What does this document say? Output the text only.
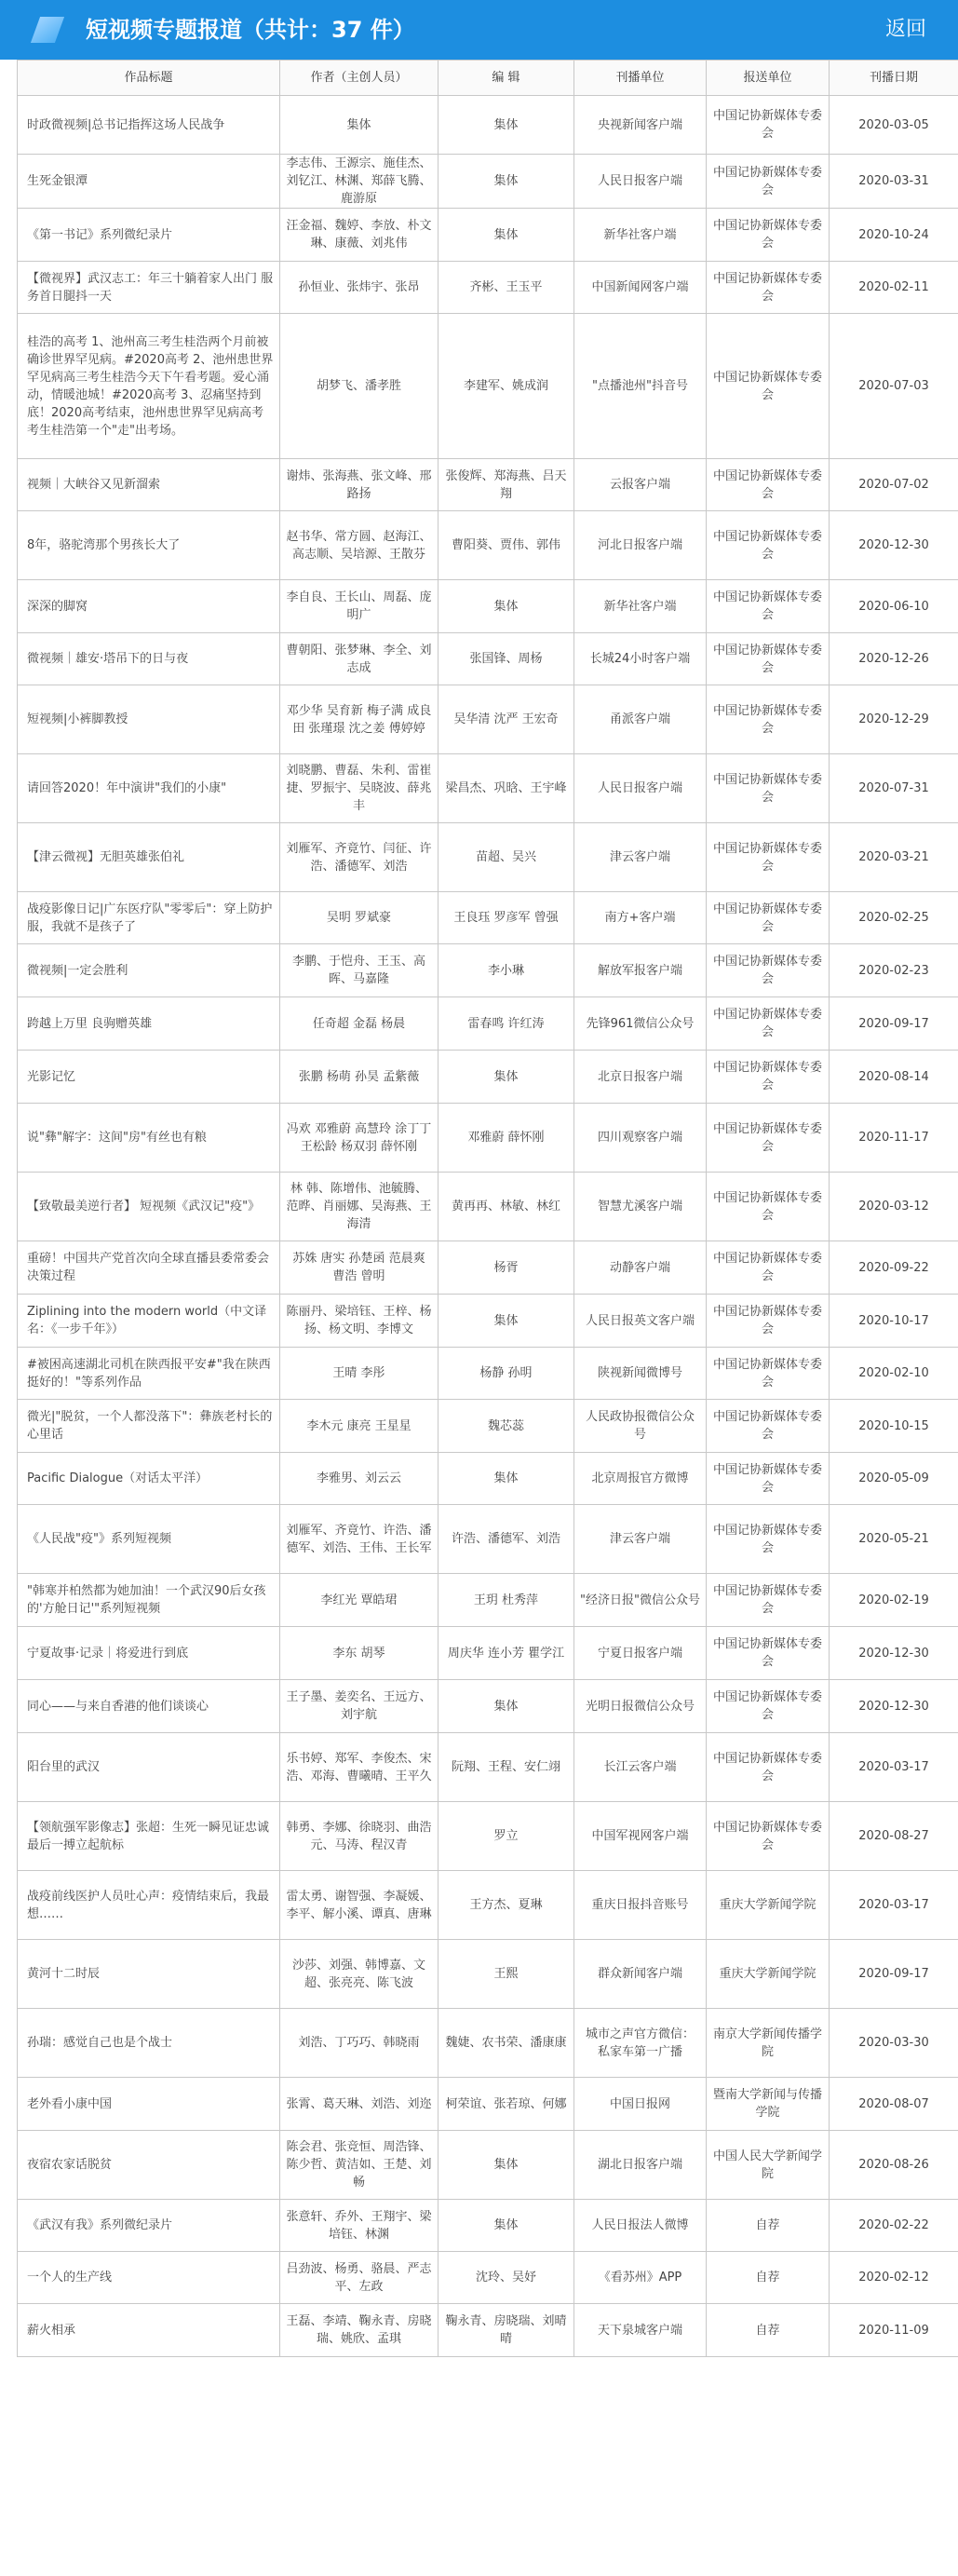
短视频专题报道（共计：37 件）	返回
作品标题	作者（主创人员）	编 辑	刊播单位	报送单位	刊播日期
时政微视频|总书记指挥这场人民战争	集体	集体	央视新闻客户端	中国记协新媒体专委会	2020-03-05
生死金银潭	李志伟、王源宗、施佳杰、刘钇江、林渊、郑薛飞腾、鹿游原	集体	人民日报客户端	中国记协新媒体专委会	2020-03-31
《第一书记》系列微纪录片	汪金福、魏婷、李放、朴文琳、康薇、刘兆伟	集体	新华社客户端	中国记协新媒体专委会	2020-10-24
【微视界】武汉志工：年三十躺着家人出门 服务首日腿抖一天	孙恒业、张炜宇、张昂	齐彬、王玉平	中国新闻网客户端	中国记协新媒体专委会	2020-02-11
桂浩的高考 1、池州高三考生桂浩两个月前被确诊世界罕见病。#2020高考 2、池州患世界罕见病高三考生桂浩今天下午看考题。爱心涌动，情暖池城！#2020高考 3、忍痛坚持到底！2020高考结束，池州患世界罕见病高考考生桂浩第一个"走"出考场。	胡梦飞、潘孝胜	李建军、姚成润	"点播池州"抖音号	中国记协新媒体专委会	2020-07-03
视频｜大峡谷又见新溜索	谢炜、张海燕、张文峰、邢路扬	张俊辉、郑海燕、吕天翔	云报客户端	中国记协新媒体专委会	2020-07-02
8年，骆驼湾那个男孩长大了	赵书华、常方圆、赵海江、高志顺、吴培源、王散芬	曹阳葵、贾伟、郭伟	河北日报客户端	中国记协新媒体专委会	2020-12-30
深深的脚窝	李自良、王长山、周磊、庞明广	集体	新华社客户端	中国记协新媒体专委会	2020-06-10
微视频｜雄安·塔吊下的日与夜	曹朝阳、张梦琳、李全、刘志成	张国锋、周杨	长城24小时客户端	中国记协新媒体专委会	2020-12-26
短视频|小裤脚教授	邓少华 吴育新 梅子满 成良田 张瑾璟 沈之姜 傅婷婷	吴华清 沈严 王宏奇	甬派客户端	中国记协新媒体专委会	2020-12-29
请回答2020！年中演讲"我们的小康"	刘晓鹏、曹磊、朱利、雷崔捷、罗振宇、吴晓波、薛兆丰	梁昌杰、巩晗、王宇峰	人民日报客户端	中国记协新媒体专委会	2020-07-31
【津云微视】无胆英雄张伯礼	刘雁军、齐竟竹、闫征、许浩、潘德军、刘浩	苗超、吴兴	津云客户端	中国记协新媒体专委会	2020-03-21
战疫影像日记|广东医疗队"零零后"：穿上防护服，我就不是孩子了	吴明 罗斌豪	王良珏 罗彦军 曾强	南方+客户端	中国记协新媒体专委会	2020-02-25
微视频|一定会胜利	李鹏、于恺舟、王玉、高晖、马嘉隆	李小琳	解放军报客户端	中国记协新媒体专委会	2020-02-23
跨越上万里 良驹赠英雄	任奇超 金磊 杨晨	雷春鸣 许红涛	先锋961微信公众号	中国记协新媒体专委会	2020-09-17
光影记忆	张鹏 杨萌 孙昊 孟紫薇	集体	北京日报客户端	中国记协新媒体专委会	2020-08-14
说"彝"解字：这间"房"有丝也有粮	冯欢 邓雅蔚 高慧玲 涂丁丁 王松龄 杨双羽 薛怀刚	邓雅蔚 薛怀刚	四川观察客户端	中国记协新媒体专委会	2020-11-17
【致敬最美逆行者】 短视频《武汉记"疫"》	林 韩、陈增伟、池毓腾、范晔、肖丽娜、吴海燕、王海清	黄再再、林敏、林红	智慧尤溪客户端	中国记协新媒体专委会	2020-03-12
重磅！中国共产党首次向全球直播县委常委会决策过程	苏姝 唐实 孙楚函 范晨爽 曹浩 曾明	杨胥	动静客户端	中国记协新媒体专委会	2020-09-22
Ziplining into the modern world（中文译名：《一步千年》）	陈丽丹、梁培钰、王梓、杨扬、杨文明、李博文	集体	人民日报英文客户端	中国记协新媒体专委会	2020-10-17
#被困高速湖北司机在陕西报平安#"我在陕西挺好的！"等系列作品	王晴 李彤	杨静 孙明	陕视新闻微博号	中国记协新媒体专委会	2020-02-10
微光|"脱贫，一个人都没落下"：彝族老村长的心里话	李木元 康亮 王星星	魏芯蕊	人民政协报微信公众号	中国记协新媒体专委会	2020-10-15
Pacific Dialogue（对话太平洋）	李雅男、刘云云	集体	北京周报官方微博	中国记协新媒体专委会	2020-05-09
《人民战"疫"》系列短视频	刘雁军、齐竟竹、许浩、潘德军、刘浩、王伟、王长军	许浩、潘德军、刘浩	津云客户端	中国记协新媒体专委会	2020-05-21
"韩寒并柏然都为她加油！一个武汉90后女孩的'方舱日记'"系列短视频	李红光 覃皓珺	王玥 杜秀萍	"经济日报"微信公众号	中国记协新媒体专委会	2020-02-19
宁夏故事·记录｜将爱进行到底	李东 胡琴	周庆华 连小芳 瞿学江	宁夏日报客户端	中国记协新媒体专委会	2020-12-30
同心——与来自香港的他们谈谈心	王子墨、姜奕名、王远方、刘宇航	集体	光明日报微信公众号	中国记协新媒体专委会	2020-12-30
阳台里的武汉	乐书婷、郑军、李俊杰、宋浩、邓海、曹曦晴、王平久	阮翔、王程、安仁翊	长江云客户端	中国记协新媒体专委会	2020-03-17
【领航强军影像志】张超：生死一瞬见证忠诚 最后一搏立起航标	韩勇、李娜、徐晓羽、曲浩元、马涛、程汉青	罗立	中国军视网客户端	中国记协新媒体专委会	2020-08-27
战疫前线医护人员吐心声：疫情结束后，我最想……	雷太勇、谢智强、李凝媛、李平、解小溪、谭真、唐琳	王方杰、夏琳	重庆日报抖音账号	重庆大学新闻学院	2020-03-17
黄河十二时辰	沙莎、刘强、韩博嘉、文超、张亮亮、陈飞波	王熙	群众新闻客户端	重庆大学新闻学院	2020-09-17
孙瑞：感觉自己也是个战士	刘浩、丁巧巧、韩晓雨	魏婕、农书荣、潘康康	城市之声官方微信：私家车第一广播	南京大学新闻传播学院	2020-03-30
老外看小康中国	张霄、葛天琳、刘浩、刘迩	柯荣谊、张若琼、何娜	中国日报网	暨南大学新闻与传播学院	2020-08-07
夜宿农家话脱贫	陈会君、张竞恒、周浩锋、陈少哲、黄洁如、王楚、刘畅	集体	湖北日报客户端	中国人民大学新闻学院	2020-08-26
《武汉有我》系列微纪录片	张意轩、乔外、王翔宇、梁培钰、林渊	集体	人民日报法人微博	自荐	2020-02-22
一个人的生产线	吕劲波、杨勇、骆晨、严志平、左政	沈玲、吴妤	《看苏州》APP	自荐	2020-02-12
薪火相承	王磊、李靖、鞠永青、房晓瑞、姚欣、孟琪	鞠永青、房晓瑞、刘晴晴	天下泉城客户端	自荐	2020-11-09
